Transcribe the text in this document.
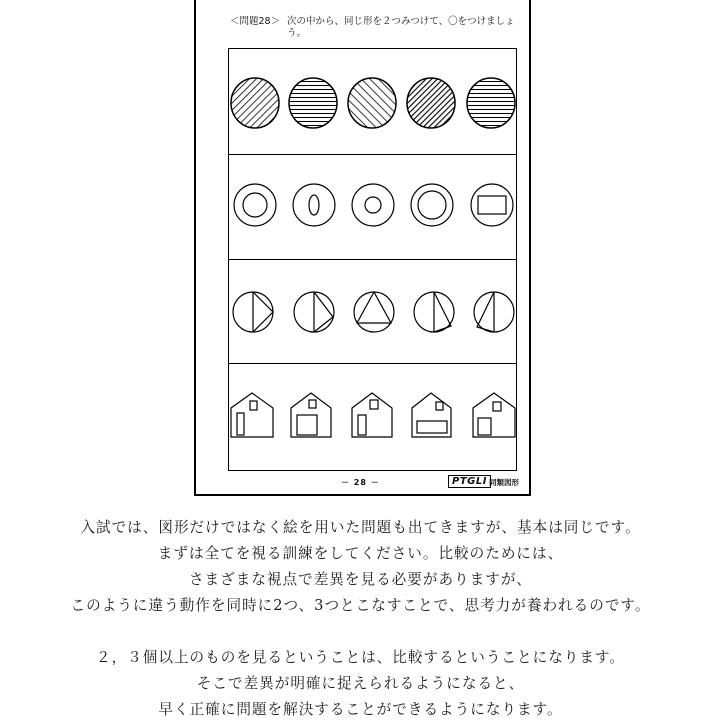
＜問題28＞ 次の中から、同じ形を２つみつけて、〇をつけましょう。
－ 28 －	PTGLI 同類図形

入試では、図形だけではなく絵を用いた問題も出てきますが、基本は同じです。

まずは全てを視る訓練をしてください。比較のためには、

さまざまな視点で差異を見る必要がありますが、

このように違う動作を同時に2つ、3つとこなすことで、思考力が養われるのです。

２，３個以上のものを見るということは、比較するということになります。

そこで差異が明確に捉えられるようになると、

早く正確に問題を解決することができるようになります。
